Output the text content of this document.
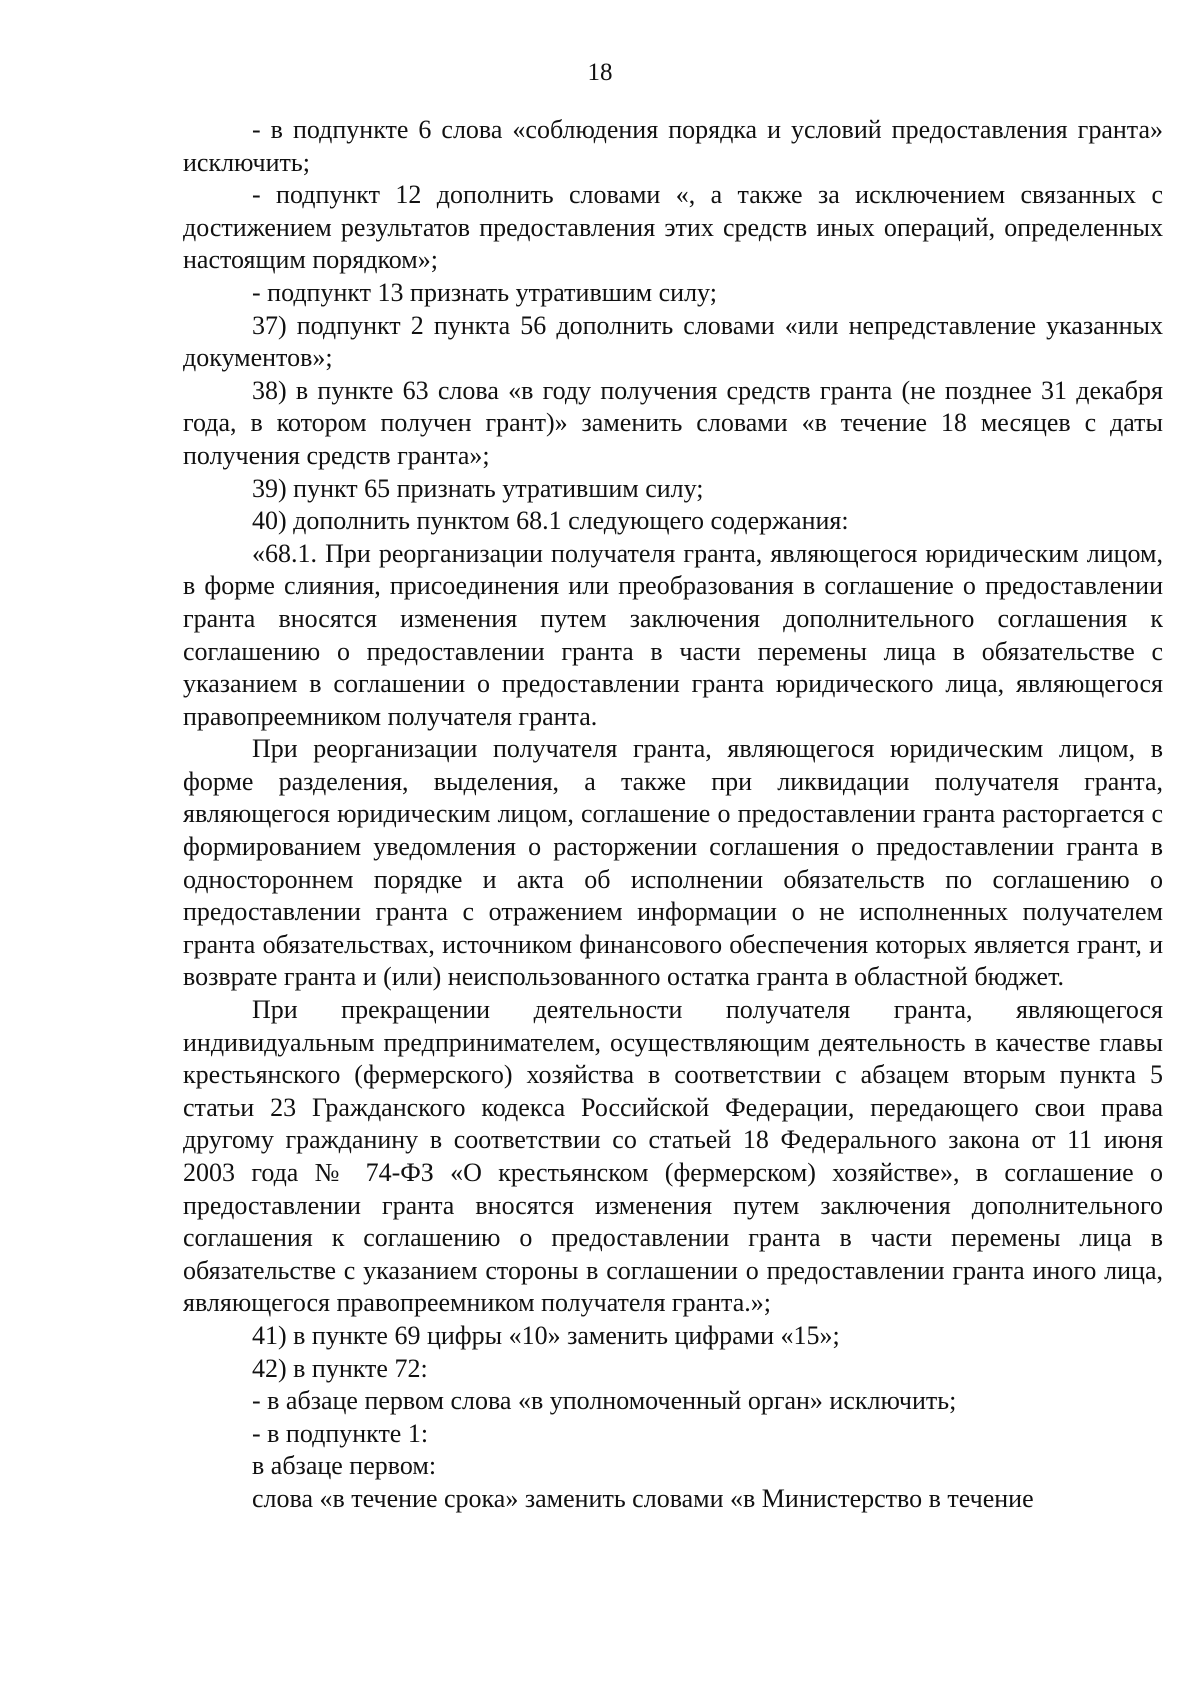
18

- в подпункте 6 слова «соблюдения порядка и условий предоставления гранта» исключить;

- подпункт 12 дополнить словами «, а также за исключением связанных с достижением результатов предоставления этих средств иных операций, определенных настоящим порядком»;

- подпункт 13 признать утратившим силу;

37) подпункт 2 пункта 56 дополнить словами «или непредставление указанных документов»;

38) в пункте 63 слова «в году получения средств гранта (не позднее 31 декабря года, в котором получен грант)» заменить словами «в течение 18 месяцев с даты получения средств гранта»;

39) пункт 65 признать утратившим силу;

40) дополнить пунктом 68.1 следующего содержания:

«68.1. При реорганизации получателя гранта, являющегося юридическим лицом, в форме слияния, присоединения или преобразования в соглашение о предоставлении гранта вносятся изменения путем заключения дополнительного соглашения к соглашению о предоставлении гранта в части перемены лица в обязательстве с указанием в соглашении о предоставлении гранта юридического лица, являющегося правопреемником получателя гранта.

При реорганизации получателя гранта, являющегося юридическим лицом, в форме разделения, выделения, а также при ликвидации получателя гранта, являющегося юридическим лицом, соглашение о предоставлении гранта расторгается с формированием уведомления о расторжении соглашения о предоставлении гранта в одностороннем порядке и акта об исполнении обязательств по соглашению о предоставлении гранта с отражением информации о не исполненных получателем гранта обязательствах, источником финансового обеспечения которых является грант, и возврате гранта и (или) неиспользованного остатка гранта в областной бюджет.

При прекращении деятельности получателя гранта, являющегося индивидуальным предпринимателем, осуществляющим деятельность в качестве главы крестьянского (фермерского) хозяйства в соответствии с абзацем вторым пункта 5 статьи 23 Гражданского кодекса Российской Федерации, передающего свои права другому гражданину в соответствии со статьей 18 Федерального закона от 11 июня 2003 года № 74-ФЗ «О крестьянском (фермерском) хозяйстве», в соглашение о предоставлении гранта вносятся изменения путем заключения дополнительного соглашения к соглашению о предоставлении гранта в части перемены лица в обязательстве с указанием стороны в соглашении о предоставлении гранта иного лица, являющегося правопреемником получателя гранта.»;

41) в пункте 69 цифры «10» заменить цифрами «15»;

42) в пункте 72:

- в абзаце первом слова «в уполномоченный орган» исключить;

- в подпункте 1:

в абзаце первом:

слова «в течение срока» заменить словами «в Министерство в течение
